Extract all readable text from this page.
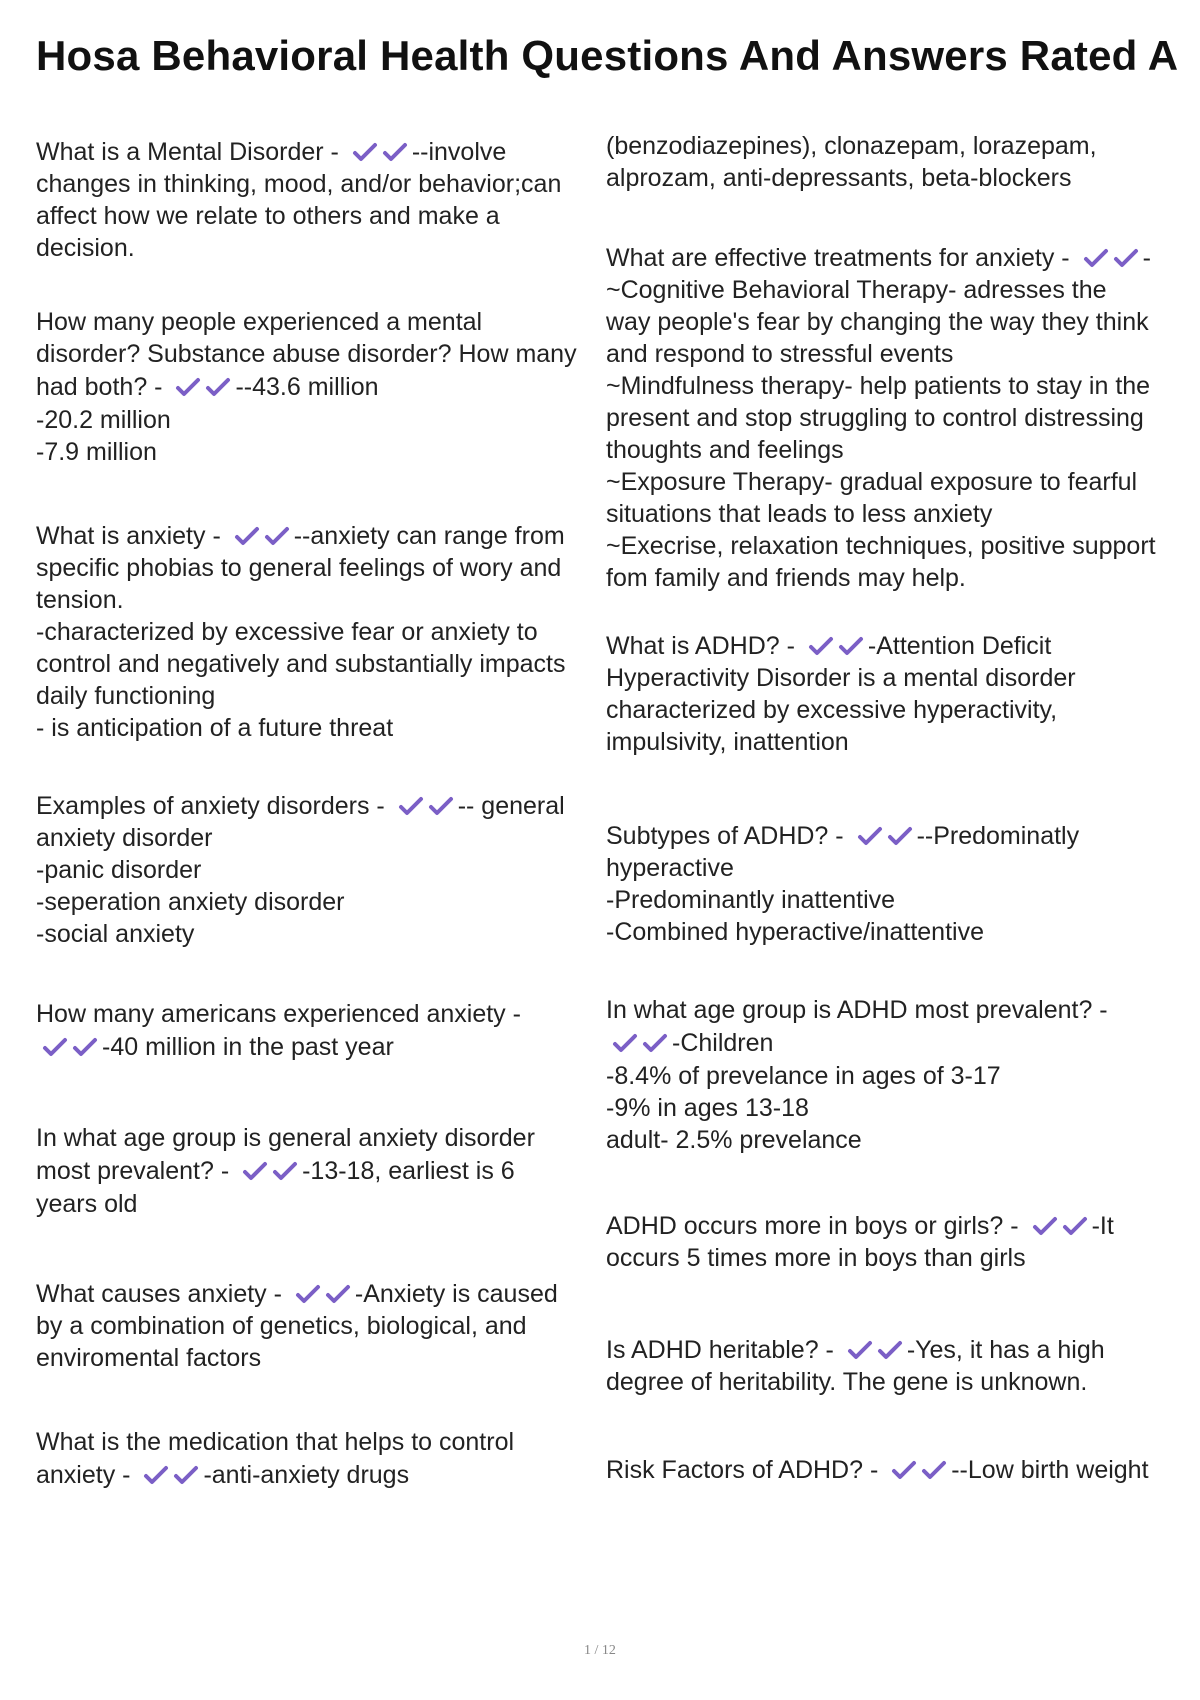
Hosa Behavioral Health Questions And Answers Rated A
What is a Mental Disorder -	--involve
changes in thinking, mood, and/or behavior;can
affect how we relate to others and make a
decision.
How many people experienced a mental
disorder? Substance abuse disorder? How many
had both? -	--43.6 million
-20.2 million
-7.9 million
What is anxiety -	--anxiety can range from
specific phobias to general feelings of wory and
tension.
-characterized by excessive fear or anxiety to
control and negatively and substantially impacts
daily functioning
- is anticipation of a future threat
Examples of anxiety disorders -	-- general
anxiety disorder
-panic disorder
-seperation anxiety disorder
-social anxiety
How many americans experienced anxiety -
-40 million in the past year
In what age group is general anxiety disorder
most prevalent? -	-13-18, earliest is 6
years old
What causes anxiety -	-Anxiety is caused
by a combination of genetics, biological, and
enviromental factors
What is the medication that helps to control
anxiety -	-anti-anxiety drugs
(benzodiazepines), clonazepam, lorazepam,
alprozam, anti-depressants, beta-blockers
What are effective treatments for anxiety -	-
~Cognitive Behavioral Therapy- adresses the
way people's fear by changing the way they think
and respond to stressful events
~Mindfulness therapy- help patients to stay in the
present and stop struggling to control distressing
thoughts and feelings
~Exposure Therapy- gradual exposure to fearful
situations that leads to less anxiety
~Execrise, relaxation techniques, positive support
fom family and friends may help.
What is ADHD? -	-Attention Deficit
Hyperactivity Disorder is a mental disorder
characterized by excessive hyperactivity,
impulsivity, inattention
Subtypes of ADHD? -	--Predominatly
hyperactive
-Predominantly inattentive
-Combined hyperactive/inattentive
In what age group is ADHD most prevalent? -
-Children
-8.4% of prevelance in ages of 3-17
-9% in ages 13-18
adult- 2.5% prevelance
ADHD occurs more in boys or girls? -	-It
occurs 5 times more in boys than girls
Is ADHD heritable? -	-Yes, it has a high
degree of heritability. The gene is unknown.
Risk Factors of ADHD? -	--Low birth weight
1 / 12
